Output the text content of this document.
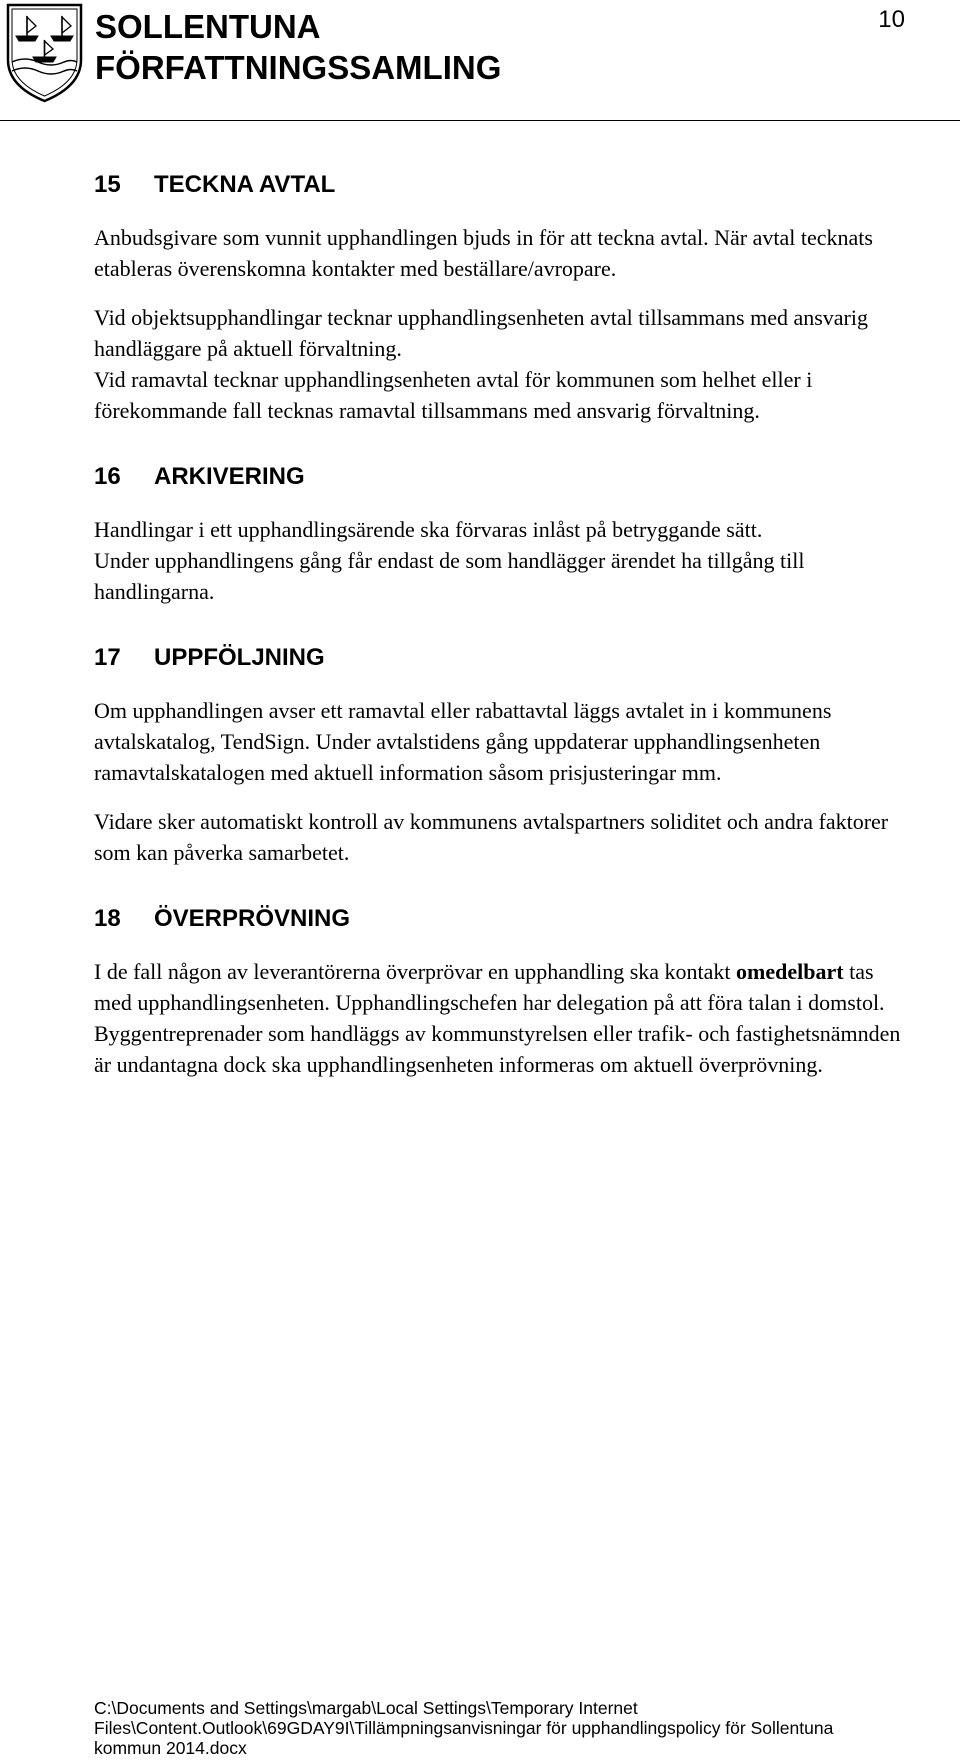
SOLLENTUNA
FÖRFATTNINGSSAMLING
10
15 TECKNA AVTAL

Anbudsgivare som vunnit upphandlingen bjuds in för att teckna avtal. När avtal tecknats etableras överenskomna kontakter med beställare/avropare.

Vid objektsupphandlingar tecknar upphandlingsenheten avtal tillsammans med ansvarig handläggare på aktuell förvaltning.

Vid ramavtal tecknar upphandlingsenheten avtal för kommunen som helhet eller i förekommande fall tecknas ramavtal tillsammans med ansvarig förvaltning.

16 ARKIVERING

Handlingar i ett upphandlingsärende ska förvaras inlåst på betryggande sätt.

Under upphandlingens gång får endast de som handlägger ärendet ha tillgång till handlingarna.

17 UPPFÖLJNING

Om upphandlingen avser ett ramavtal eller rabattavtal läggs avtalet in i kommunens avtalskatalog, TendSign. Under avtalstidens gång uppdaterar upphandlingsenheten ramavtalskatalogen med aktuell information såsom prisjusteringar mm.

Vidare sker automatiskt kontroll av kommunens avtalspartners soliditet och andra faktorer som kan påverka samarbetet.

18 ÖVERPRÖVNING

I de fall någon av leverantörerna överprövar en upphandling ska kontakt omedelbart tas med upphandlingsenheten. Upphandlingschefen har delegation på att föra talan i domstol. Byggentreprenader som handläggs av kommunstyrelsen eller trafik- och fastighetsnämnden är undantagna dock ska upphandlingsenheten informeras om aktuell överprövning.

C:\Documents and Settings\margab\Local Settings\Temporary Internet
Files\Content.Outlook\69GDAY9I\Tillämpningsanvisningar för upphandlingspolicy för Sollentuna
kommun 2014.docx
